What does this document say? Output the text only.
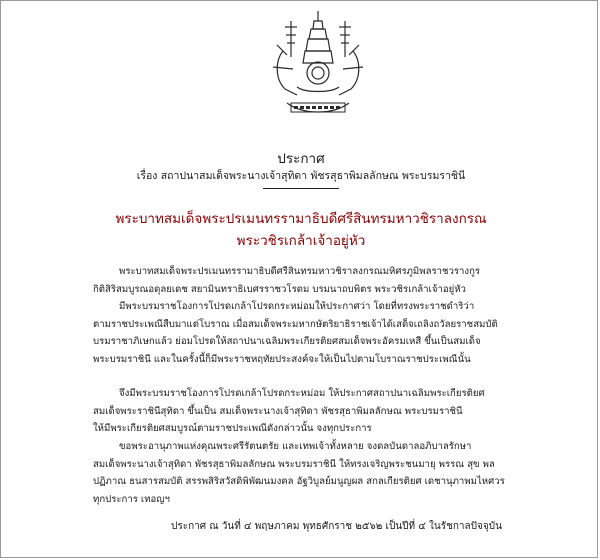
ประกาศ
เรื่อง สถาปนาสมเด็จพระนางเจ้าสุทิดา พัชรสุธาพิมลลักษณ พระบรมราชินี
พระบาทสมเด็จพระปรเมนทรรามาธิบดีศรีสินทรมหาวชิราลงกรณ
พระวชิรเกล้าเจ้าอยู่หัว
พระบาทสมเด็จพระปรเมนทรรามาธิบดีศรีสินทรมหาวชิราลงกรณมหิศรภูมิพลราชวรางกูร
กิติสิริสมบูรณอดุลยเดช สยามินทราธิเบศรราชวโรดม บรมนาถบพิตร พระวชิรเกล้าเจ้าอยู่หัว
มีพระบรมราชโองการโปรดเกล้าโปรดกระหม่อมให้ประกาศว่า โดยที่ทรงพระราชดำริว่า
ตามราชประเพณีสืบมาแต่โบราณ เมื่อสมเด็จพระมหากษัตริยาธิราชเจ้าได้เสด็จเถลิงถวัลยราชสมบัติ
บรมราชาภิเษกแล้ว ย่อมโปรดให้สถาปนาเฉลิมพระเกียรติยศสมเด็จพระอัครมเหสี ขึ้นเป็นสมเด็จ
พระบรมราชินี และในครั้งนี้ก็มีพระราชหฤทัยประสงค์จะให้เป็นไปตามโบราณราชประเพณีนั้น
จึงมีพระบรมราชโองการโปรดเกล้าโปรดกระหม่อม ให้ประกาศสถาปนาเฉลิมพระเกียรติยศ
สมเด็จพระราชินีสุทิดา ขึ้นเป็น สมเด็จพระนางเจ้าสุทิดา พัชรสุธาพิมลลักษณ พระบรมราชินี
ให้มีพระเกียรติยศสมบูรณ์ตามราชประเพณีดังกล่าวนั้น จงทุกประการ
ขอพระอานุภาพแห่งคุณพระศรีรัตนตรัย และเทพเจ้าทั้งหลาย จงดลบันดาลอภิบาลรักษา
สมเด็จพระนางเจ้าสุทิดา พัชรสุธาพิมลลักษณ พระบรมราชินี ให้ทรงเจริญพระชนมายุ พรรณ สุข พล
ปฏิภาณ ธนสารสมบัติ สรรพสิริสวัสดิพิพัฒนมงคล อัฐวิบูลย์มนูญผล สกลเกียรติยศ เดชานุภาพมไหศวร
ทุกประการ เทอญฯ
ประกาศ ณ วันที่ ๔ พฤษภาคม พุทธศักราช ๒๕๖๒ เป็นปีที่ ๔ ในรัชกาลปัจจุบัน
